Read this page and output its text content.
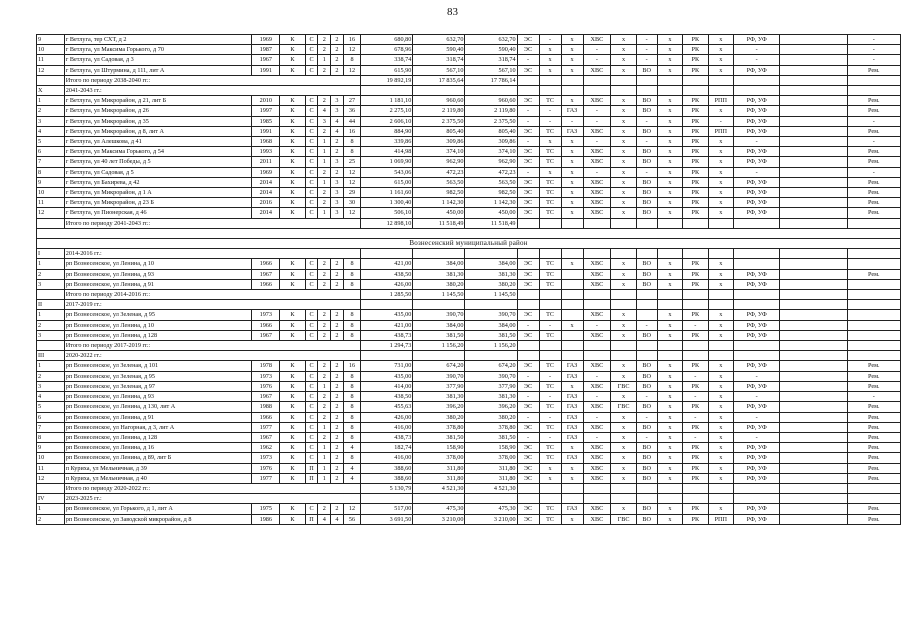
83
9	г Ветлуга, тер СХТ, д 2	1969	К	С	2	2	16	680,80	632,70	632,70	ЭС	-	х	ХВС	х	-	х	РК	х	РФ, УФ		-
10	г Ветлуга, ул Максима Горького, д 70	1987	К	С	2	2	12	678,96	590,40	590,40	ЭС	х	х	-	х	-	х	РК	х	-		-
11	г Ветлуга, ул Садовая, д 3	1967	К	С	1	2	8	338,74	318,74	318,74	-	х	х	-	х	-	х	РК	х	-		-
12	г Ветлуга, ул Штурмина, д 111, лит А	1991	К	С	2	2	12	615,90	567,10	567,10	ЭС	х	х	ХВС	х	ВО	х	РК	х	РФ, УФ		Рем.
	Итого по периоду 2038-2040 гг.:							19 892,19	17 835,64	17 786,14												
Х	2041-2043 гг.:																					
1	г Ветлуга, ул Микрорайон, д 21, лит Б	2010	К	С	2	3	27	1 181,10	960,60	960,60	ЭС	ТС	х	ХВС	х	ВО	х	РК	РПП	РФ, УФ		Рем.
2	г Ветлуга, ул Микрорайон, д 26	1997	К	С	4	3	36	2 275,10	2 119,80	2 119,80	-	-	ГАЗ	-	х	ВО	х	РК	х	РФ, УФ		Рем.
3	г Ветлуга, ул Микрорайон, д 35	1985	К	С	3	4	44	2 606,10	2 375,50	2 375,50	-	-	-	-	х	-	х	РК	-	РФ, УФ		-
4	г Ветлуга, ул Микрорайон, д 8, лит А	1991	К	С	2	4	16	884,90	805,40	805,40	ЭС	ТС	ГАЗ	ХВС	х	ВО	х	РК	РПП	РФ, УФ		Рем.
5	г Ветлуга, ул Алешкова, д 41	1968	К	С	1	2	8	339,86	309,86	309,86	-	х	х	-	х	-	х	РК	х	-		-
6	г Ветлуга, ул Максима Горького, д 54	1993	К	С	1	2	8	414,98	374,10	374,10	ЭС	ТС	х	ХВС	х	ВО	х	РК	х	РФ, УФ		Рем.
7	г Ветлуга, ул 40 лет Победы, д 5	2011	К	С	1	3	25	1 069,90	962,90	962,90	ЭС	ТС	х	ХВС	х	ВО	х	РК	х	РФ, УФ		Рем.
8	г Ветлуга, ул Садовая, д 5	1969	К	С	2	2	12	543,06	472,23	472,23	-	х	х	-	х	-	х	РК	х	-		-
9	г Ветлуга, ул Бахирева, д 42	2014	К	С	1	3	12	615,00	563,50	563,50	ЭС	ТС	х	ХВС	х	ВО	х	РК	х	РФ, УФ		Рем.
10	г Ветлуга, ул Микрорайон, д 1 А	2014	К	С	2	3	29	1 161,60	982,50	982,50	ЭС	ТС	х	ХВС	х	ВО	х	РК	х	РФ, УФ		Рем.
11	г Ветлуга, ул Микрорайон, д 23 Б	2016	К	С	2	3	30	1 300,40	1 142,30	1 142,30	ЭС	ТС	х	ХВС	х	ВО	х	РК	х	РФ, УФ		Рем.
12	г Ветлуга, ул Пионерская, д 46	2014	К	С	1	3	12	506,10	450,00	450,00	ЭС	ТС	х	ХВС	х	ВО	х	РК	х	РФ, УФ		Рем.
	Итого по периоду 2041-2043 гг.:							12 898,10	11 518,49	11 518,49												

Вознесенский муниципальный район																						
I	2014-2016 гг.:																					
1	рп Вознесенское, ул Ленина, д 10	1966	К	С	2	2	8	421,00	384,00	384,00	ЭС	ТС	х	ХВС	х	ВО	х	РК	х			
2	рп Вознесенское, ул Ленина, д 93	1967	К	С	2	2	8	438,50	381,30	381,30	ЭС	ТС		ХВС	х	ВО	х	РК	х	РФ, УФ		Рем.
3	рп Вознесенское, ул Ленина, д 91	1966	К	С	2	2	8	426,00	380,20	380,20	ЭС	ТС		ХВС	х	ВО	х	РК	х	РФ, УФ		
	Итого по периоду 2014-2016 гг.:							1 285,50	1 145,50	1 145,50												
II	2017-2019 гг.:																					
1	рп Вознесенское, ул Зеленая, д 95	1973	К	С	2	2	8	435,00	390,70	390,70	ЭС	ТС		ХВС	х		х	РК	х	РФ, УФ		
2	рп Вознесенское, ул Ленина, д 10	1966	К	С	2	2	8	421,00	384,00	384,00	-	-	х	-	х	-	х	-	х	РФ, УФ		
3	рп Вознесенское, ул Ленина, д 128	1967	К	С	2	2	8	438,73	381,50	381,50	ЭС	ТС		ХВС	х	ВО	х	РК	х	РФ, УФ		
	Итого по периоду 2017-2019 гг.:							1 294,73	1 156,20	1 156,20												
III	2020-2022 гг.:																					
1	рп Вознесенское, ул Зеленая, д 101	1978	К	С	2	2	16	731,00	674,20	674,20	ЭС	ТС	ГАЗ	ХВС	х	ВО	х	РК	х	РФ, УФ		Рем.
2	рп Вознесенское, ул Зеленая, д 95	1973	К	С	2	2	8	435,00	390,70	390,70	-	-	ГАЗ	-	х	ВО	х	-	х	-		Рем.
3	рп Вознесенское, ул Зеленая, д 97	1976	К	С	1	2	8	414,00	377,90	377,90	ЭС	ТС	х	ХВС	ГВС	ВО	х	РК	х	РФ, УФ		Рем.
4	рп Вознесенское, ул Ленина, д 93	1967	К	С	2	2	8	438,50	381,30	381,30	-	-	ГАЗ	-	х	-	х	-	х	-		-
5	рп Вознесенское, ул Ленина, д 130, лит А	1988	К	С	2	2	8	455,63	396,20	396,20	ЭС	ТС	ГАЗ	ХВС	ГВС	ВО	х	РК	х	РФ, УФ		Рем.
6	рп Вознесенское, ул Ленина, д 91	1966	К	С	2	2	8	426,00	380,20	380,20	-	-	ГАЗ	-	х	-	х	-	х	-		Рем.
7	рп Вознесенское, ул Нагорная, д 3, лит А	1977	К	С	1	2	8	416,00	378,80	378,80	ЭС	ТС	ГАЗ	ХВС	х	ВО	х	РК	х	РФ, УФ		Рем.
8	рп Вознесенское, ул Ленина, д 128	1967	К	С	2	2	8	438,73	381,50	381,50	-	-	ГАЗ	-	х	-	х	-	х	-		Рем.
9	рп Вознесенское, ул Ленина, д 16	1962	К	С	1	2	4	182,74	158,90	158,90	ЭС	ТС	х	ХВС	х	ВО	х	РК	х	РФ, УФ		Рем.
10	рп Вознесенское, ул Ленина, д 89, лит Б	1973	К	С	1	2	8	416,00	378,00	378,00	ЭС	ТС	ГАЗ	ХВС	х	ВО	х	РК	х	РФ, УФ		Рем.
11	п Куриха, ул Мельничная, д 39	1976	К	П	1	2	4	388,60	311,80	311,80	ЭС	х	х	ХВС	х	ВО	х	РК	х	РФ, УФ		Рем.
12	п Куриха, ул Мельничная, д 40	1977	К	П	1	2	4	388,60	311,80	311,80	ЭС	х	х	ХВС	х	ВО	х	РК	х	РФ, УФ		Рем.
	Итого по периоду 2020-2022 гг.:							5 130,79	4 521,30	4 521,30												
IV	2023-2025 гг.:																					
1	рп Вознесенское, ул Горького, д 1, лит А	1975	К	С	2	2	12	517,00	475,30	475,30	ЭС	ТС	ГАЗ	ХВС	х	ВО	х	РК	х	РФ, УФ		Рем.
2	рп Вознесенское, ул Заводской микрорайон, д 8	1986	К	П	4	4	56	3 691,50	3 210,00	3 210,00	ЭС	ТС	х	ХВС	ГВС	ВО	х	РК	РПП	РФ, УФ		Рем.
